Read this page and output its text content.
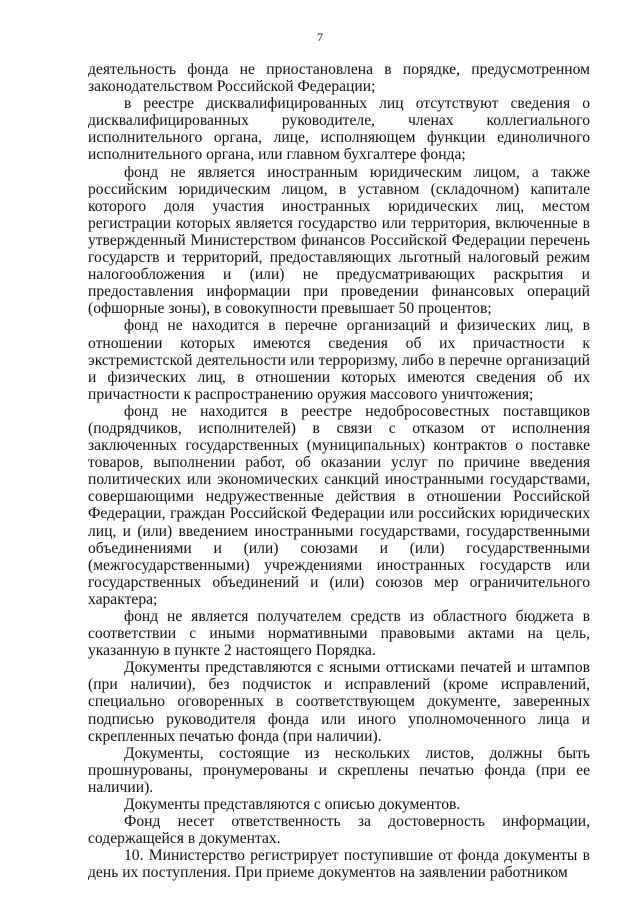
7

деятельность фонда не приостановлена в порядке, предусмотренном законодательством Российской Федерации;

в реестре дисквалифицированных лиц отсутствуют сведения о дисквалифицированных руководителе, членах коллегиального исполнительного органа, лице, исполняющем функции единоличного исполнительного органа, или главном бухгалтере фонда;

фонд не является иностранным юридическим лицом, а также российским юридическим лицом, в уставном (складочном) капитале которого доля участия иностранных юридических лиц, местом регистрации которых является государство или территория, включенные в утвержденный Министерством финансов Российской Федерации перечень государств и территорий, предоставляющих льготный налоговый режим налогообложения и (или) не предусматривающих раскрытия и предоставления информации при проведении финансовых операций (офшорные зоны), в совокупности превышает 50 процентов;

фонд не находится в перечне организаций и физических лиц, в отношении которых имеются сведения об их причастности к экстремистской деятельности или терроризму, либо в перечне организаций и физических лиц, в отношении которых имеются сведения об их причастности к распространению оружия массового уничтожения;

фонд не находится в реестре недобросовестных поставщиков (подрядчиков, исполнителей) в связи с отказом от исполнения заключенных государственных (муниципальных) контрактов о поставке товаров, выполнении работ, об оказании услуг по причине введения политических или экономических санкций иностранными государствами, совершающими недружественные действия в отношении Российской Федерации, граждан Российской Федерации или российских юридических лиц, и (или) введением иностранными государствами, государственными объединениями и (или) союзами и (или) государственными (межгосударственными) учреждениями иностранных государств или государственных объединений и (или) союзов мер ограничительного характера;

фонд не является получателем средств из областного бюджета в соответствии с иными нормативными правовыми актами на цель, указанную в пункте 2 настоящего Порядка.

Документы представляются с ясными оттисками печатей и штампов (при наличии), без подчисток и исправлений (кроме исправлений, специально оговоренных в соответствующем документе, заверенных подписью руководителя фонда или иного уполномоченного лица и скрепленных печатью фонда (при наличии).

Документы, состоящие из нескольких листов, должны быть прошнурованы, пронумерованы и скреплены печатью фонда (при ее наличии).

Документы представляются с описью документов.

Фонд несет ответственность за достоверность информации, содержащейся в документах.

10. Министерство регистрирует поступившие от фонда документы в день их поступления. При приеме документов на заявлении работником
